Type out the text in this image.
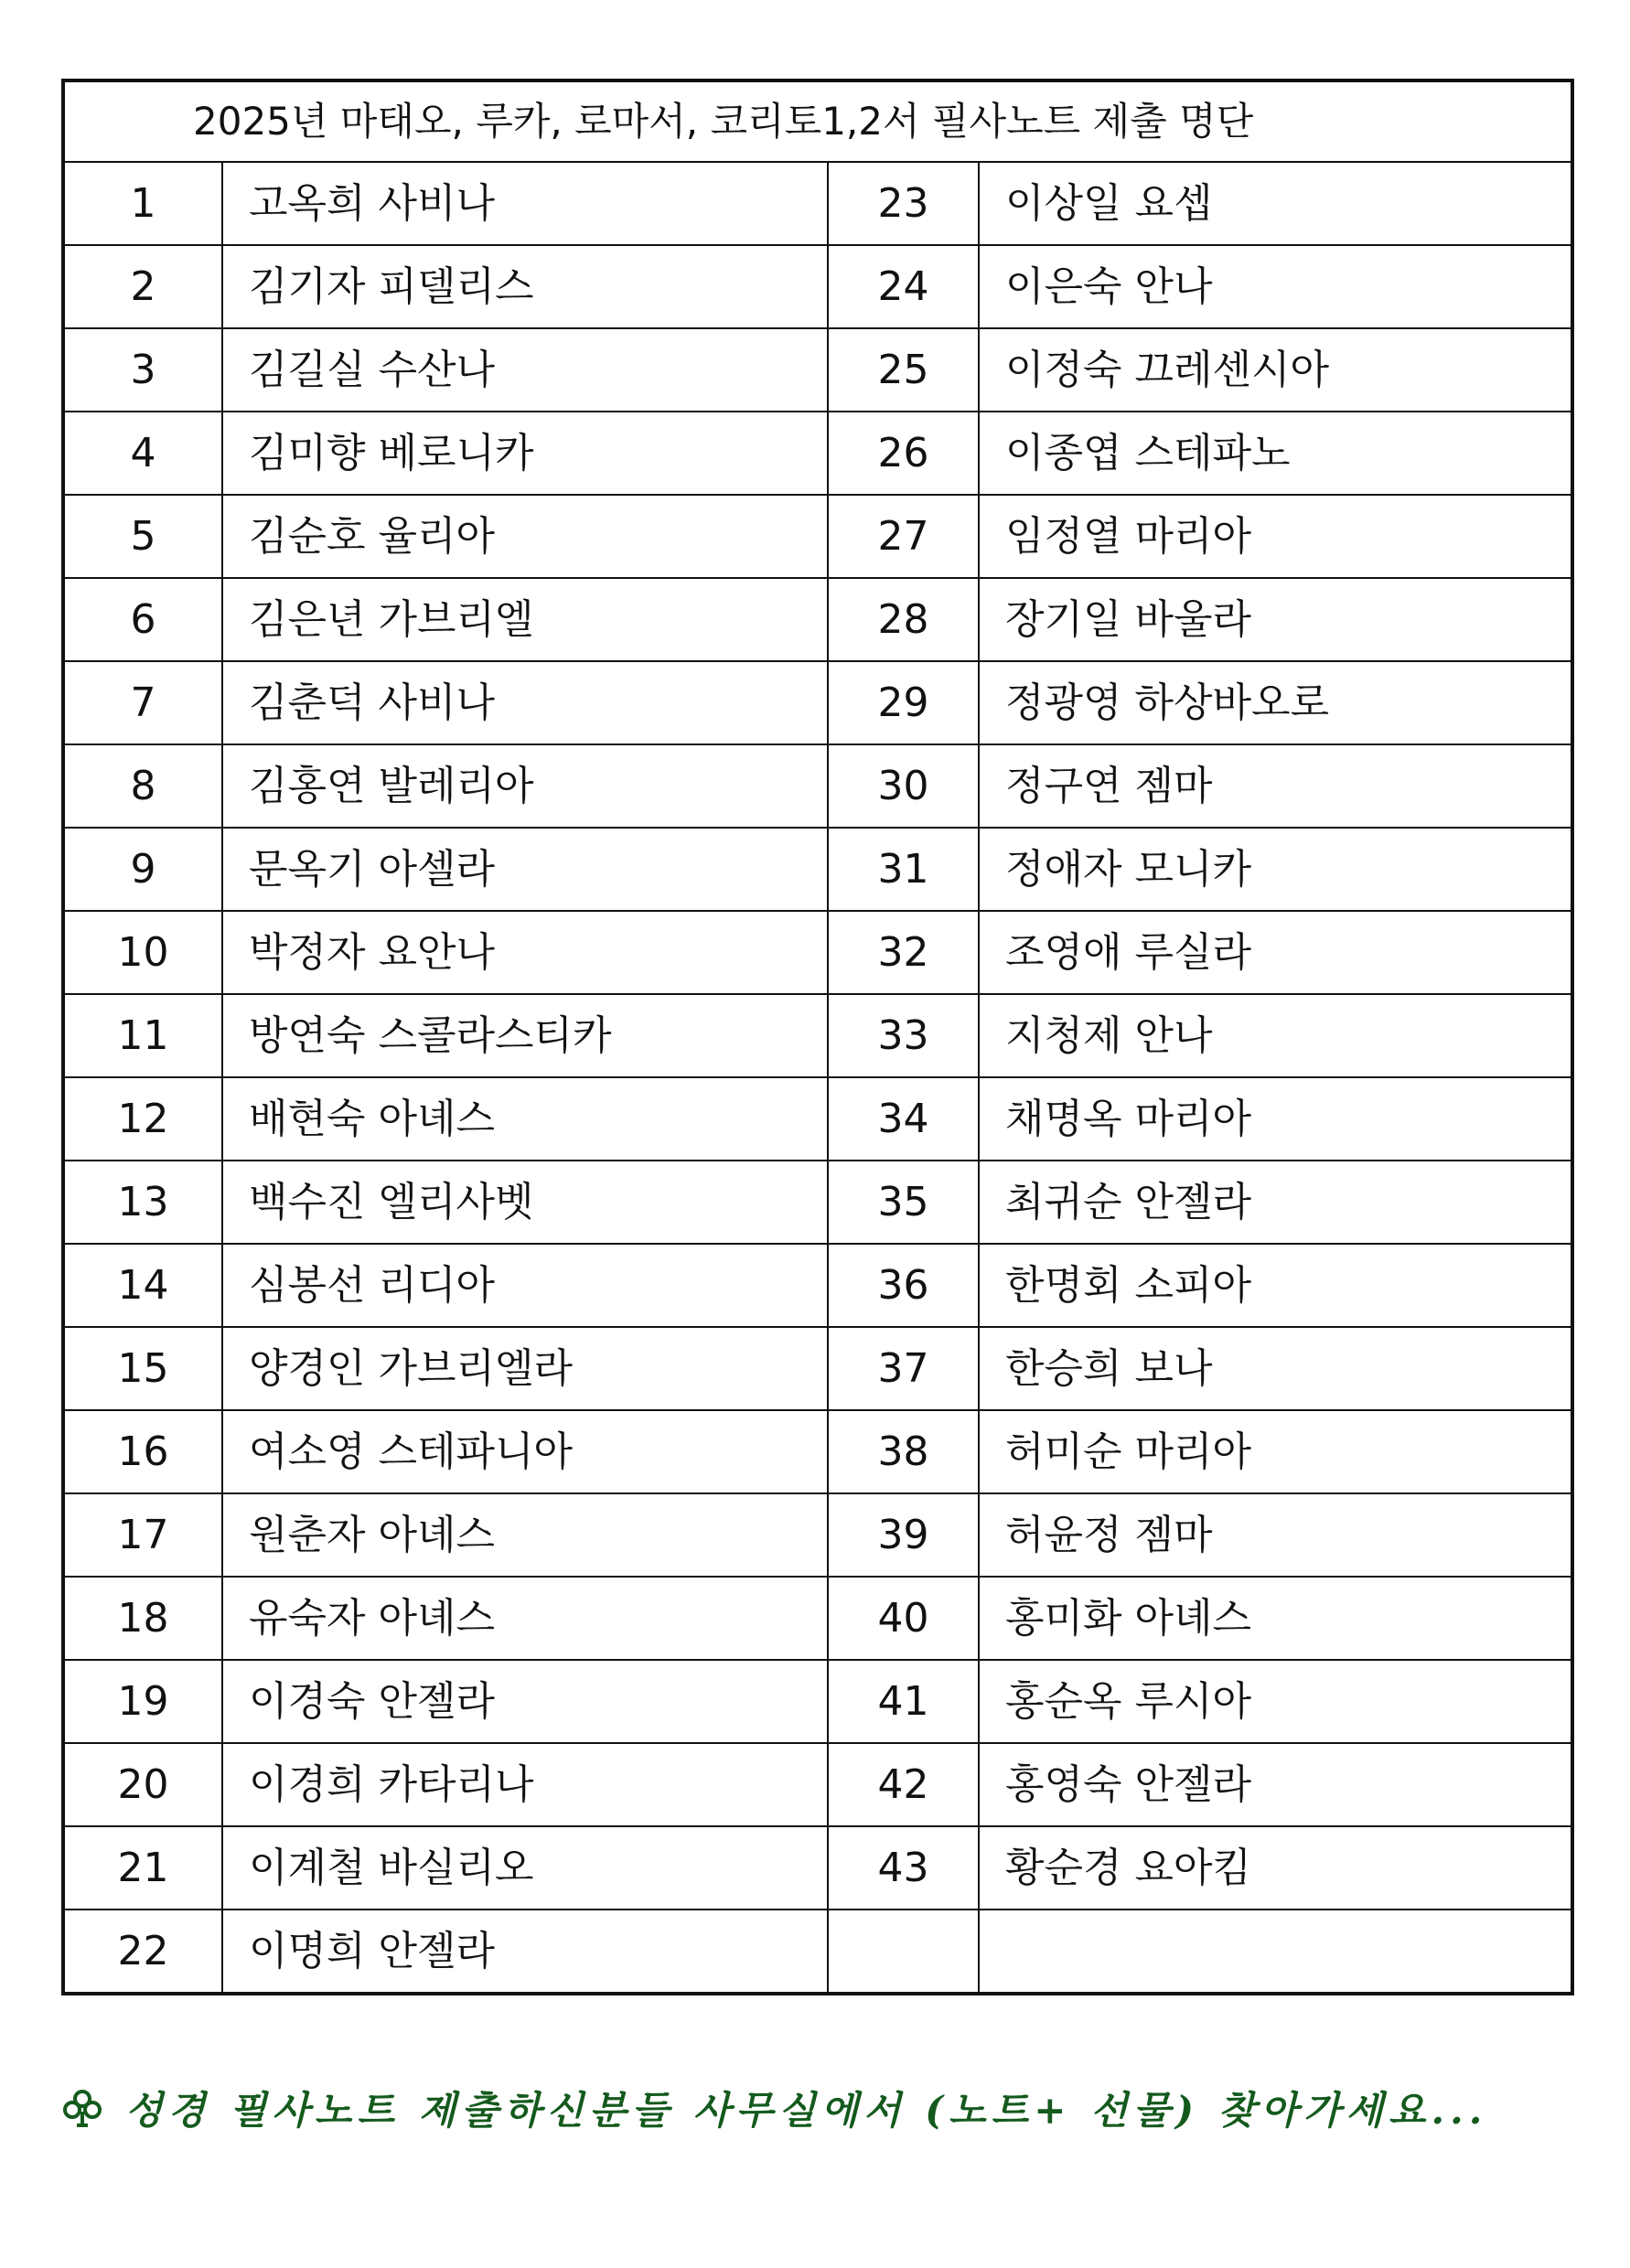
2025년 마태오, 루카, 로마서, 코리토1,2서 필사노트 제출 명단			
1	고옥희 사비나	23	이상일 요셉
2	김기자 피델리스	24	이은숙 안나
3	김길실 수산나	25	이정숙 끄레센시아
4	김미향 베로니카	26	이종엽 스테파노
5	김순호 율리아	27	임정열 마리아
6	김은년 가브리엘	28	장기일 바울라
7	김춘덕 사비나	29	정광영 하상바오로
8	김홍연 발레리아	30	정구연 젬마
9	문옥기 아셀라	31	정애자 모니카
10	박정자 요안나	32	조영애 루실라
11	방연숙 스콜라스티카	33	지청제 안나
12	배현숙 아녜스	34	채명옥 마리아
13	백수진 엘리사벳	35	최귀순 안젤라
14	심봉선 리디아	36	한명회 소피아
15	양경인 가브리엘라	37	한승희 보나
16	여소영 스테파니아	38	허미순 마리아
17	원춘자 아녜스	39	허윤정 젬마
18	유숙자 아녜스	40	홍미화 아녜스
19	이경숙 안젤라	41	홍순옥 루시아
20	이경희 카타리나	42	홍영숙 안젤라
21	이계철 바실리오	43	황순경 요아킴
22	이명희 안젤라		
성경 필사노트 제출하신분들 사무실에서 (노트+ 선물) 찾아가세요...
